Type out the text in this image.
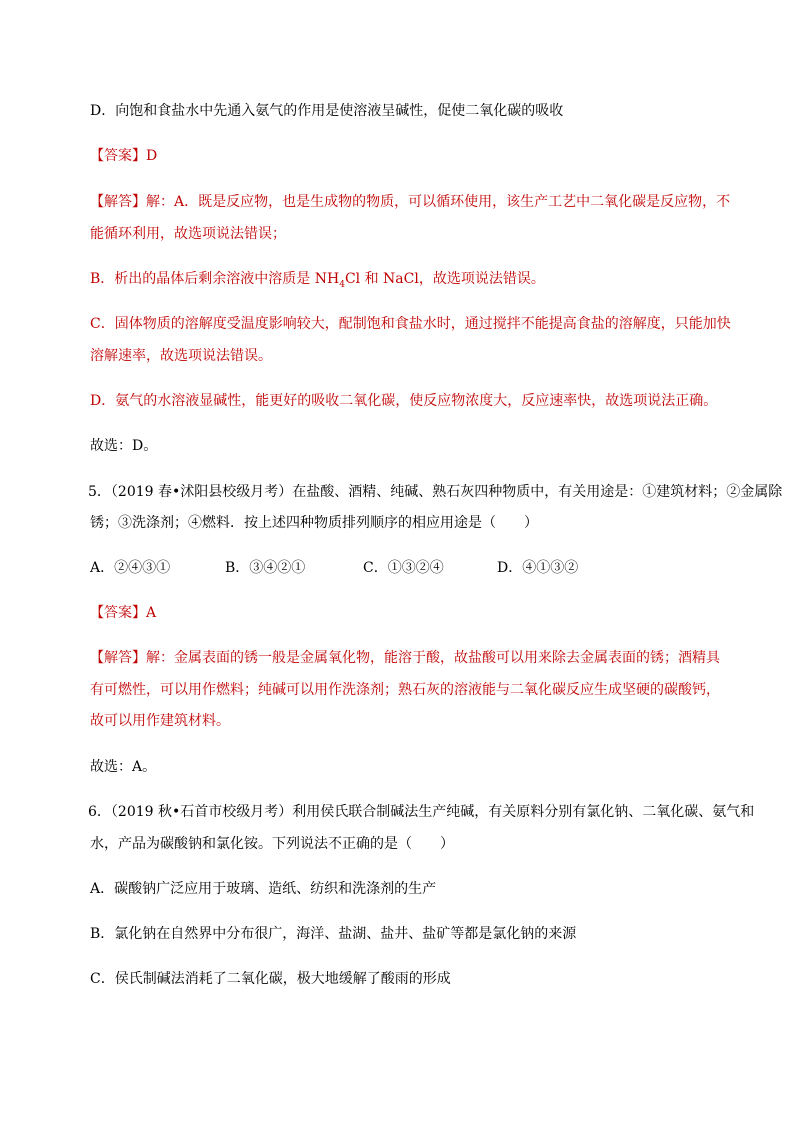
D．向饱和食盐水中先通入氨气的作用是使溶液呈碱性，促使二氧化碳的吸收
【答案】D
【解答】解：A．既是反应物，也是生成物的物质，可以循环使用，该生产工艺中二氧化碳是反应物，不
能循环利用，故选项说法错误；
B．析出的晶体后剩余溶液中溶质是 $NH_4Cl$ 和 NaCl，故选项说法错误。
C．固体物质的溶解度受温度影响较大，配制饱和食盐水时，通过搅拌不能提高食盐的溶解度，只能加快
溶解速率，故选项说法错误。
D．氨气的水溶液显碱性，能更好的吸收二氧化碳，使反应物浓度大，反应速率快，故选项说法正确。
故选：D。
5．（2019 春•沭阳县校级月考）在盐酸、酒精、纯碱、熟石灰四种物质中，有关用途是：①建筑材料；②金属除
锈；③洗涤剂；④燃料．按上述四种物质排列顺序的相应用途是（　　）
A．②④③①	B．③④②①	C．①③②④	D．④①③②
【答案】A
【解答】解：金属表面的锈一般是金属氧化物，能溶于酸，故盐酸可以用来除去金属表面的锈；酒精具
有可燃性，可以用作燃料；纯碱可以用作洗涤剂；熟石灰的溶液能与二氧化碳反应生成坚硬的碳酸钙，
故可以用作建筑材料。
故选：A。
6．（2019 秋•石首市校级月考）利用侯氏联合制碱法生产纯碱，有关原料分别有氯化钠、二氧化碳、氨气和
水，产品为碳酸钠和氯化铵。下列说法不正确的是（　　）
A．碳酸钠广泛应用于玻璃、造纸、纺织和洗涤剂的生产
B．氯化钠在自然界中分布很广，海洋、盐湖、盐井、盐矿等都是氯化钠的来源
C．侯氏制碱法消耗了二氧化碳，极大地缓解了酸雨的形成
